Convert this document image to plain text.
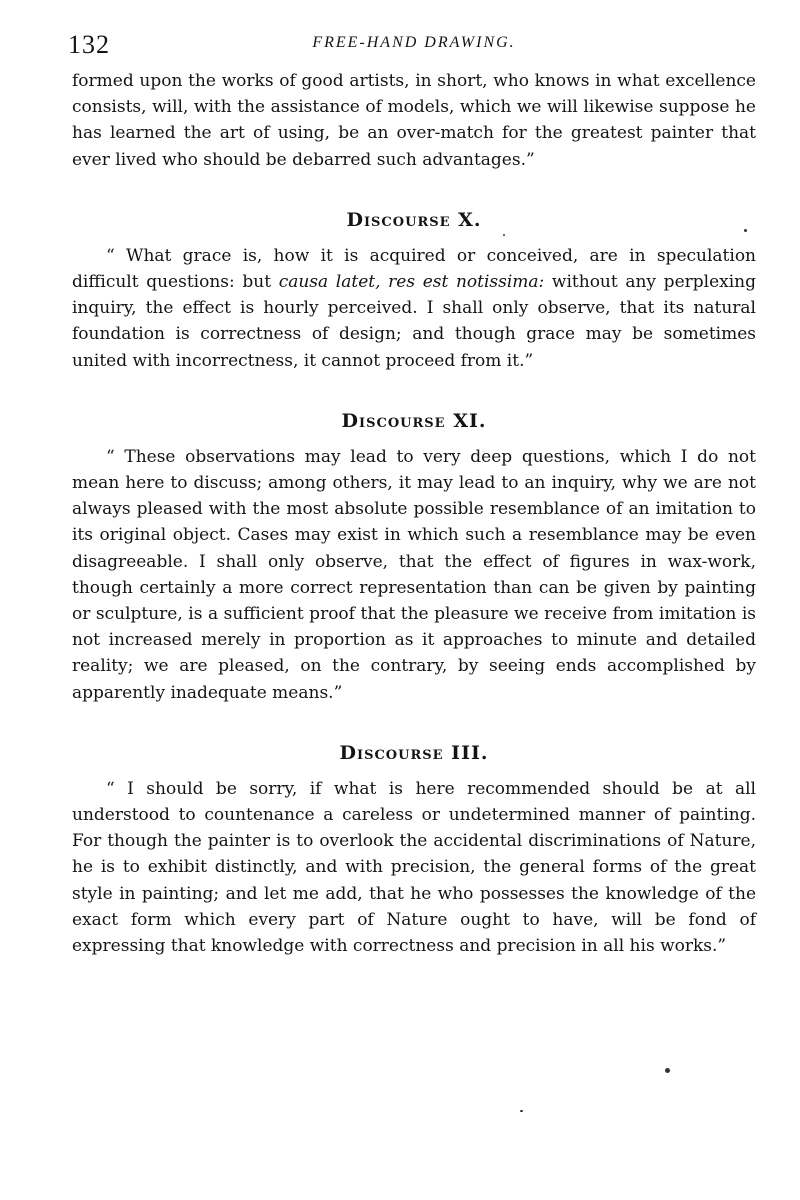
132	FREE-HAND DRAWING.

formed upon the works of good artists, in short, who knows in what excellence consists, will, with the assistance of models, which we will likewise suppose he has learned the art of using, be an over-match for the greatest painter that ever lived who should be debarred such advantages.”

Discourse X.

“ What grace is, how it is acquired or conceived, are in speculation difficult questions: but causa latet, res est notissima: without any perplexing inquiry, the effect is hourly perceived. I shall only observe, that its natural foundation is correctness of design; and though grace may be sometimes united with incorrectness, it cannot proceed from it.”

Discourse XI.

“ These observations may lead to very deep questions, which I do not mean here to discuss; among others, it may lead to an inquiry, why we are not always pleased with the most absolute possible resemblance of an imitation to its original object. Cases may exist in which such a resemblance may be even disagreeable. I shall only observe, that the effect of figures in wax-work, though certainly a more correct representation than can be given by painting or sculpture, is a sufficient proof that the pleasure we receive from imitation is not increased merely in proportion as it approaches to minute and detailed reality; we are pleased, on the contrary, by seeing ends accomplished by apparently inadequate means.”

Discourse III.

“ I should be sorry, if what is here recommended should be at all understood to countenance a careless or undetermined manner of painting. For though the painter is to overlook the accidental discriminations of Nature, he is to exhibit distinctly, and with precision, the general forms of the great style in painting; and let me add, that he who possesses the knowledge of the exact form which every part of Nature ought to have, will be fond of expressing that knowledge with correctness and precision in all his works.”
